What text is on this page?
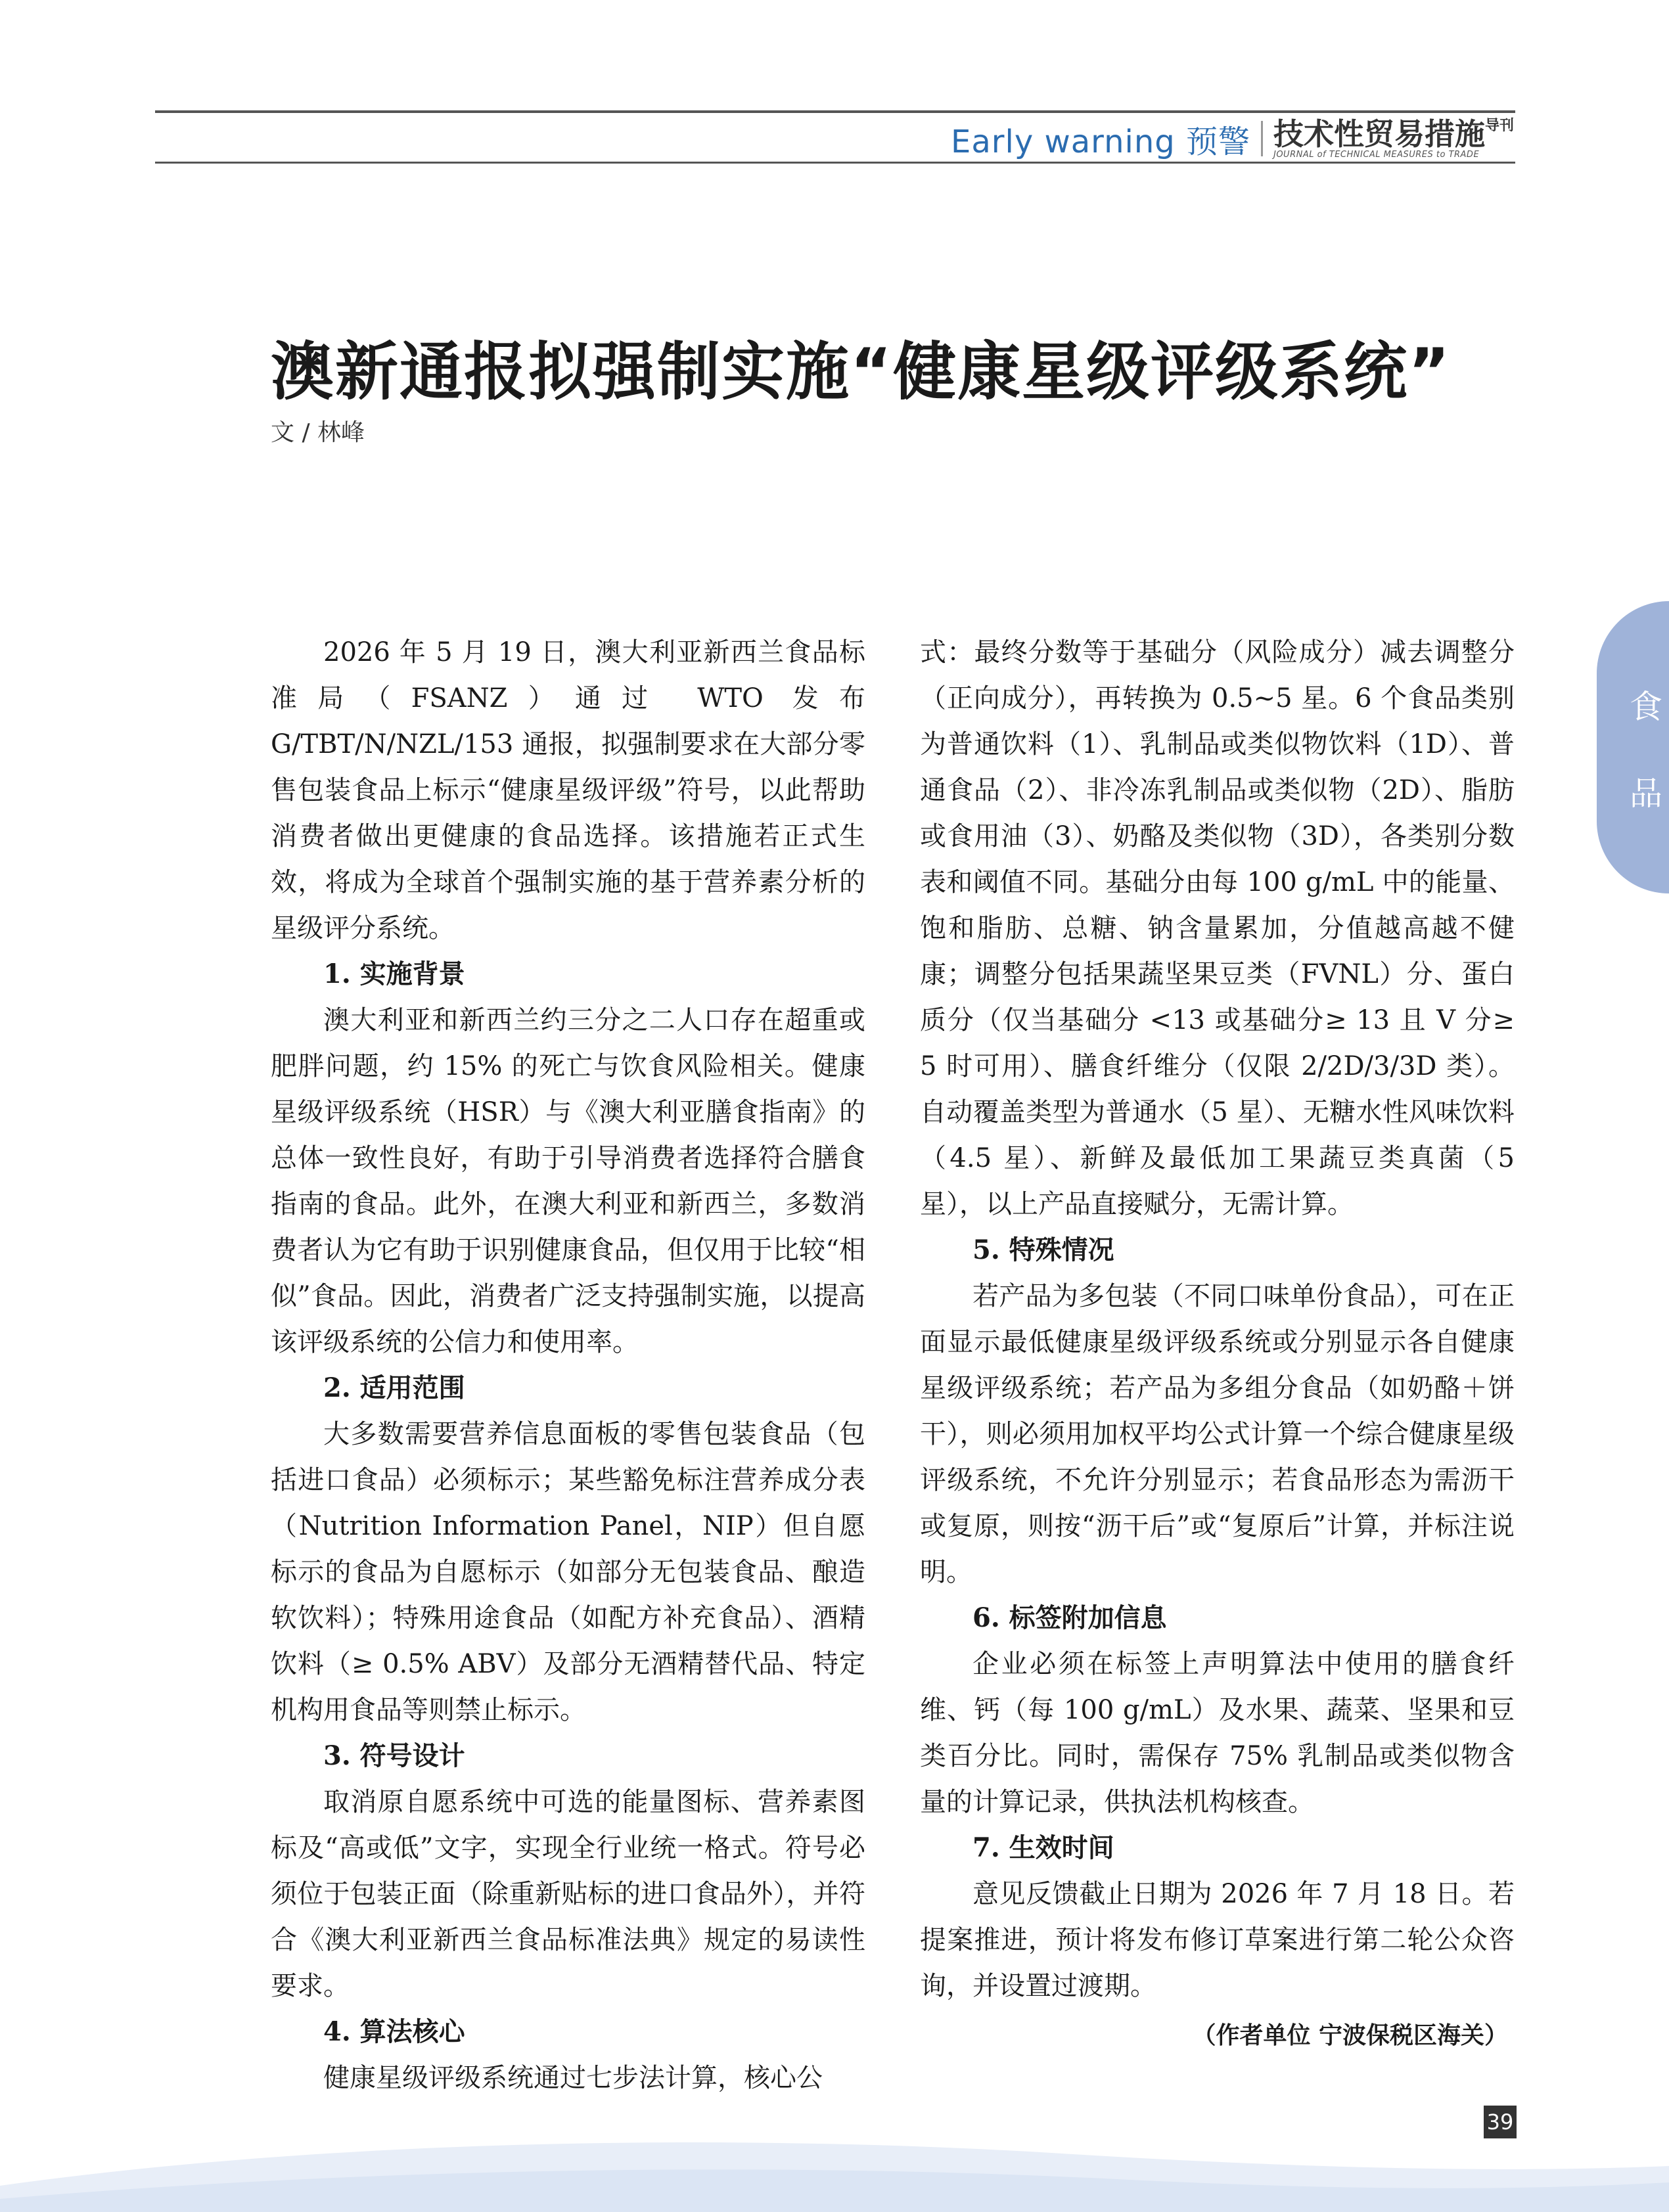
Early warning 预警 技术性贸易措施$^{导刊}$
JOURNAL of TECHNICAL MEASURES to TRADE
澳新通报拟强制实施“健康星级评级系统”
文 / 林峰
食
品

2026 年 5 月 19 日，澳大利亚新西兰食品标准局（FSANZ）通过 WTO 发布 G/TBT/N/NZL/153 通报，拟强制要求在大部分零售包装食品上标示“健康星级评级”符号，以此帮助消费者做出更健康的食品选择。该措施若正式生效，将成为全球首个强制实施的基于营养素分析的星级评分系统。

1. 实施背景

澳大利亚和新西兰约三分之二人口存在超重或肥胖问题，约 15% 的死亡与饮食风险相关。健康星级评级系统（HSR）与《澳大利亚膳食指南》的总体一致性良好，有助于引导消费者选择符合膳食指南的食品。此外，在澳大利亚和新西兰，多数消费者认为它有助于识别健康食品，但仅用于比较“相似”食品。因此，消费者广泛支持强制实施，以提高该评级系统的公信力和使用率。

2. 适用范围

大多数需要营养信息面板的零售包装食品（包括进口食品）必须标示；某些豁免标注营养成分表（Nutrition Information Panel，NIP）但自愿标示的食品为自愿标示（如部分无包装食品、酿造软饮料）；特殊用途食品（如配方补充食品）、酒精饮料（≥ 0.5% ABV）及部分无酒精替代品、特定机构用食品等则禁止标示。

3. 符号设计

取消原自愿系统中可选的能量图标、营养素图标及“高或低”文字，实现全行业统一格式。符号必须位于包装正面（除重新贴标的进口食品外），并符合《澳大利亚新西兰食品标准法典》规定的易读性要求。

4. 算法核心

健康星级评级系统通过七步法计算，核心公

式：最终分数等于基础分（风险成分）减去调整分（正向成分），再转换为 0.5~5 星。6 个食品类别为普通饮料（1）、乳制品或类似物饮料（1D）、普通食品（2）、非冷冻乳制品或类似物（2D）、脂肪或食用油（3）、奶酪及类似物（3D），各类别分数表和阈值不同。基础分由每 100 g/mL 中的能量、饱和脂肪、总糖、钠含量累加，分值越高越不健康；调整分包括果蔬坚果豆类（FVNL）分、蛋白质分（仅当基础分 <13 或基础分≥ 13 且 V 分≥ 5 时可用）、膳食纤维分（仅限 2/2D/3/3D 类）。自动覆盖类型为普通水（5 星）、无糖水性风味饮料（4.5 星）、新鲜及最低加工果蔬豆类真菌（5 星），以上产品直接赋分，无需计算。

5. 特殊情况

若产品为多包装（不同口味单份食品），可在正面显示最低健康星级评级系统或分别显示各自健康星级评级系统；若产品为多组分食品（如奶酪＋饼干），则必须用加权平均公式计算一个综合健康星级评级系统，不允许分别显示；若食品形态为需沥干或复原，则按“沥干后”或“复原后”计算，并标注说明。

6. 标签附加信息

企业必须在标签上声明算法中使用的膳食纤维、钙（每 100 g/mL）及水果、蔬菜、坚果和豆类百分比。同时，需保存 75% 乳制品或类似物含量的计算记录，供执法机构核查。

7. 生效时间

意见反馈截止日期为 2026 年 7 月 18 日。若提案推进，预计将发布修订草案进行第二轮公众咨询，并设置过渡期。

（作者单位 宁波保税区海关）
39
